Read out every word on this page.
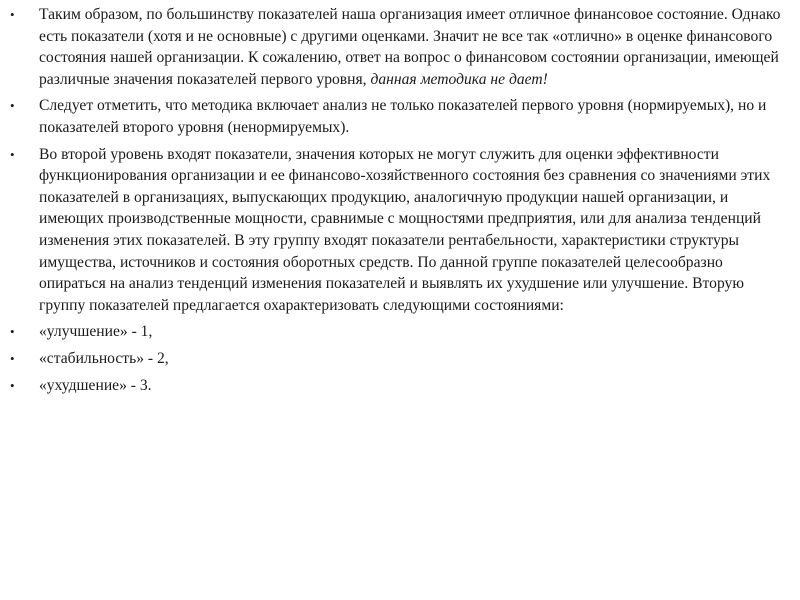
• Таким образом, по большинству показателей наша организация имеет отличное финансовое состояние. Однако есть показатели (хотя и не основные) с другими оценками. Значит не все так «отлично» в оценке финансового состояния нашей организации. К сожалению, ответ на вопрос о финансовом состоянии организации, имеющей различные значения показателей первого уровня, данная методика не дает!
• Следует отметить, что методика включает анализ не только показателей первого уровня (нормируемых), но и показателей второго уровня (ненормируемых).
• Во второй уровень входят показатели, значения которых не могут служить для оценки эффективности функционирования организации и ее финансово-хозяйственного состояния без сравнения со значениями этих показателей в организациях, выпускающих продукцию, аналогичную продукции нашей организации, и имеющих производственные мощности, сравнимые с мощностями предприятия, или для анализа тенденций изменения этих показателей. В эту группу входят показатели рентабельности, характеристики структуры имущества, источников и состояния оборотных средств. По данной группе показателей целесообразно опираться на анализ тенденций изменения показателей и выявлять их ухудшение или улучшение. Вторую группу показателей предлагается охарактеризовать следующими состояниями:
• «улучшение» - 1,
• «стабильность» - 2,
• «ухудшение» - 3.
